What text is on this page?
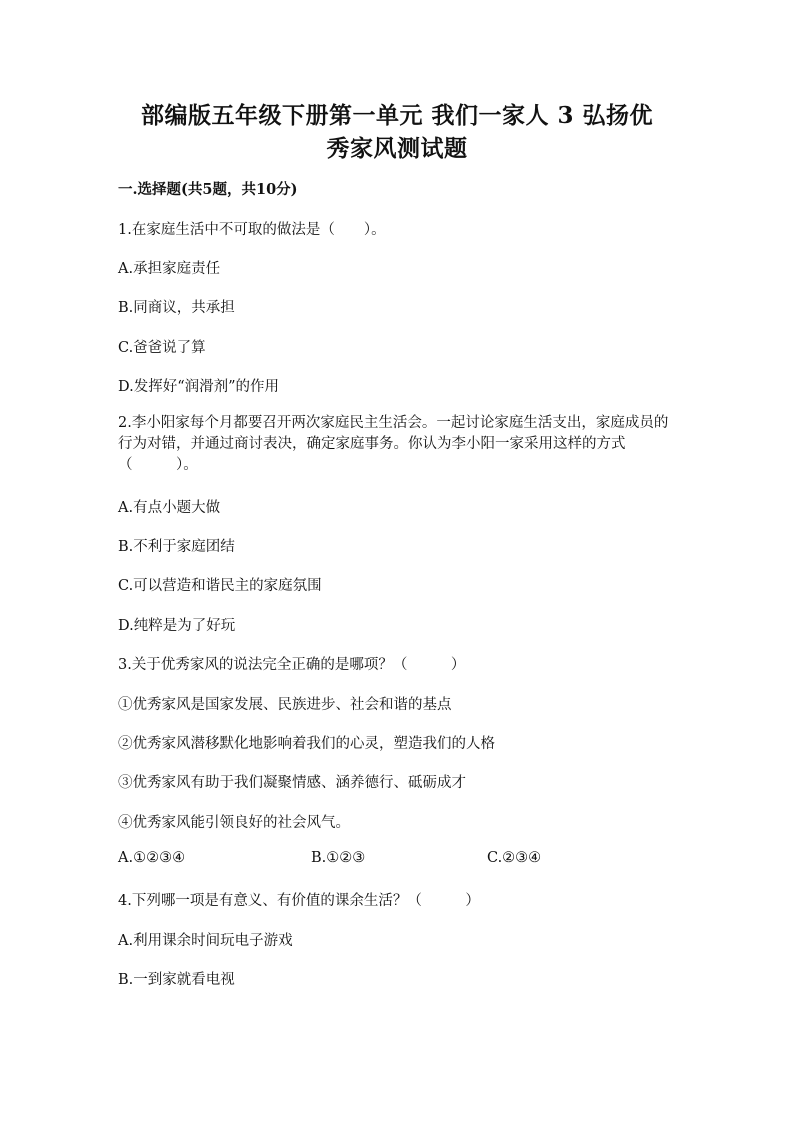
部编版五年级下册第一单元 我们一家人 3 弘扬优
秀家风测试题

一.选择题(共5题，共10分)

1.在家庭生活中不可取的做法是（　　）。

A.承担家庭责任

B.同商议，共承担

C.爸爸说了算

D.发挥好“润滑剂”的作用

2.李小阳家每个月都要召开两次家庭民主生活会。一起讨论家庭生活支出，家庭成员的行为对错，并通过商讨表决，确定家庭事务。你认为李小阳一家采用这样的方式（　　　）。

A.有点小题大做

B.不利于家庭团结

C.可以营造和谐民主的家庭氛围

D.纯粹是为了好玩

3.关于优秀家风的说法完全正确的是哪项？（　　　）

①优秀家风是国家发展、民族进步、社会和谐的基点

②优秀家风潜移默化地影响着我们的心灵，塑造我们的人格

③优秀家风有助于我们凝聚情感、涵养德行、砥砺成才

④优秀家风能引领良好的社会风气。

A.①②③④	B.①②③	C.②③④

4.下列哪一项是有意义、有价值的课余生活？（　　　）

A.利用课余时间玩电子游戏

B.一到家就看电视
